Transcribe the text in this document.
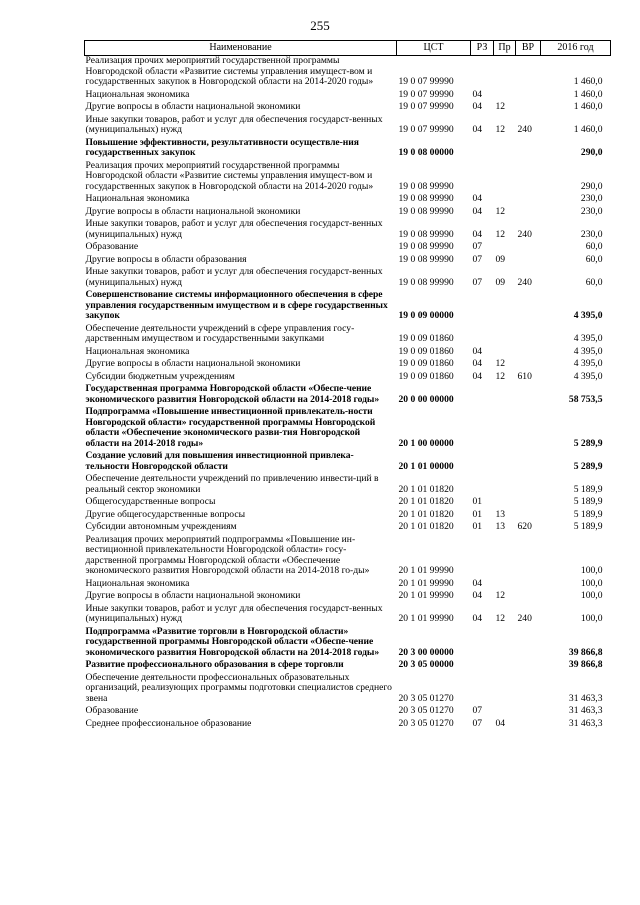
255
Наименование	ЦСТ	РЗ	Пр	ВР	2016 год
Реализация прочих мероприятий государственной программы Новгородской области «Развитие системы управления имущест-вом и государственных закупок в Новгородской области на 2014-2020 годы»	19 0 07 99990				1 460,0
Национальная экономика	19 0 07 99990	04			1 460,0
Другие вопросы в области национальной экономики	19 0 07 99990	04	12		1 460,0
Иные закупки товаров, работ и услуг для обеспечения государст-венных (муниципальных) нужд	19 0 07 99990	04	12	240	1 460,0
Повышение эффективности, результативности осуществле-ния государственных закупок	19 0 08 00000				290,0
Реализация прочих мероприятий государственной программы Новгородской области «Развитие системы управления имущест-вом и государственных закупок в Новгородской области на 2014-2020 годы»	19 0 08 99990				290,0
Национальная экономика	19 0 08 99990	04			230,0
Другие вопросы в области национальной экономики	19 0 08 99990	04	12		230,0
Иные закупки товаров, работ и услуг для обеспечения государст-венных (муниципальных) нужд	19 0 08 99990	04	12	240	230,0
Образование	19 0 08 99990	07			60,0
Другие вопросы в области образования	19 0 08 99990	07	09		60,0
Иные закупки товаров, работ и услуг для обеспечения государст-венных (муниципальных) нужд	19 0 08 99990	07	09	240	60,0
Совершенствование системы информационного обеспечения в сфере управления государственным имуществом и в сфере государственных закупок	19 0 09 00000				4 395,0
Обеспечение деятельности учреждений в сфере управления госу-дарственным имуществом и государственными закупками	19 0 09 01860				4 395,0
Национальная экономика	19 0 09 01860	04			4 395,0
Другие вопросы в области национальной экономики	19 0 09 01860	04	12		4 395,0
Субсидии бюджетным учреждениям	19 0 09 01860	04	12	610	4 395,0
Государственная программа Новгородской области «Обеспе-чение экономического развития Новгородской области на 2014-2018 годы»	20 0 00 00000				58 753,5
Подпрограмма «Повышение инвестиционной привлекатель-ности Новгородской области» государственной программы Новгородской области «Обеспечение экономического разви-тия Новгородской области на 2014-2018 годы»	20 1 00 00000				5 289,9
Создание условий для повышения инвестиционной привлека-тельности Новгородской области	20 1 01 00000				5 289,9
Обеспечение деятельности учреждений по привлечению инвести-ций в реальный сектор экономики	20 1 01 01820				5 189,9
Общегосударственные вопросы	20 1 01 01820	01			5 189,9
Другие общегосударственные вопросы	20 1 01 01820	01	13		5 189,9
Субсидии автономным учреждениям	20 1 01 01820	01	13	620	5 189,9
Реализация прочих мероприятий подпрограммы «Повышение ин-вестиционной привлекательности Новгородской области» госу-дарственной программы Новгородской области «Обеспечение экономического развития Новгородской области на 2014-2018 го-ды»	20 1 01 99990				100,0
Национальная экономика	20 1 01 99990	04			100,0
Другие вопросы в области национальной экономики	20 1 01 99990	04	12		100,0
Иные закупки товаров, работ и услуг для обеспечения государст-венных (муниципальных) нужд	20 1 01 99990	04	12	240	100,0
Подпрограмма «Развитие торговли в Новгородской области» государственной программы Новгородской области «Обеспе-чение экономического развития Новгородской области на 2014-2018 годы»	20 3 00 00000				39 866,8
Развитие профессионального образования в сфере торговли	20 3 05 00000				39 866,8
Обеспечение деятельности профессиональных образовательных организаций, реализующих программы подготовки специалистов среднего звена	20 3 05 01270				31 463,3
Образование	20 3 05 01270	07			31 463,3
Среднее профессиональное образование	20 3 05 01270	07	04		31 463,3
